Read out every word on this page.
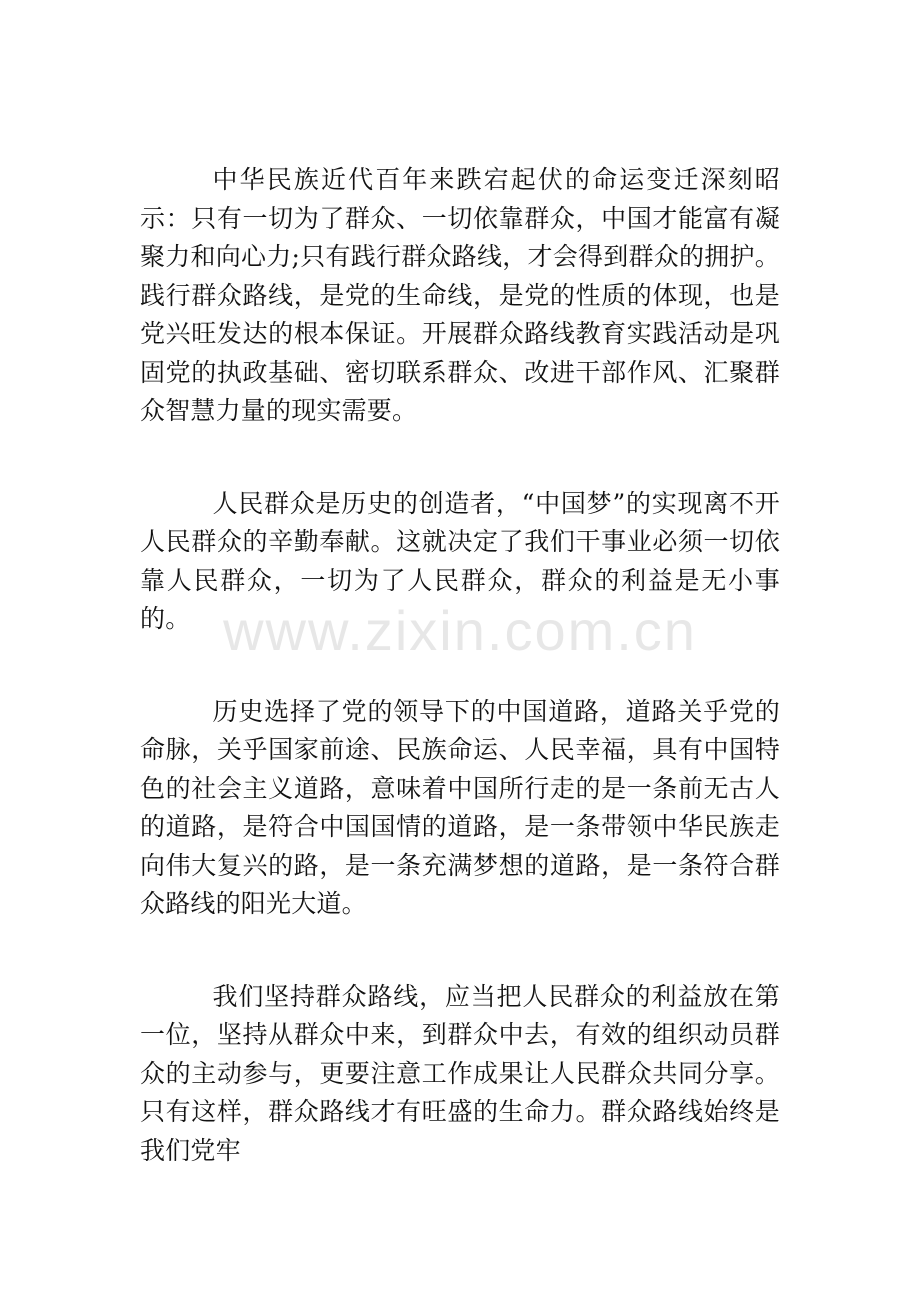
中华民族近代百年来跌宕起伏的命运变迁深刻昭示：只有一切为了群众、一切依靠群众，中国才能富有凝聚力和向心力;只有践行群众路线，才会得到群众的拥护。践行群众路线，是党的生命线，是党的性质的体现，也是党兴旺发达的根本保证。开展群众路线教育实践活动是巩固党的执政基础、密切联系群众、改进干部作风、汇聚群众智慧力量的现实需要。

人民群众是历史的创造者，“中国梦”的实现离不开人民群众的辛勤奉献。这就决定了我们干事业必须一切依靠人民群众，一切为了人民群众，群众的利益是无小事的。

历史选择了党的领导下的中国道路，道路关乎党的命脉，关乎国家前途、民族命运、人民幸福，具有中国特色的社会主义道路，意味着中国所行走的是一条前无古人的道路，是符合中国国情的道路，是一条带领中华民族走向伟大复兴的路，是一条充满梦想的道路，是一条符合群众路线的阳光大道。

我们坚持群众路线，应当把人民群众的利益放在第一位，坚持从群众中来，到群众中去，有效的组织动员群众的主动参与，更要注意工作成果让人民群众共同分享。只有这样，群众路线才有旺盛的生命力。群众路线始终是我们党牢

www.zixin.com.cn
